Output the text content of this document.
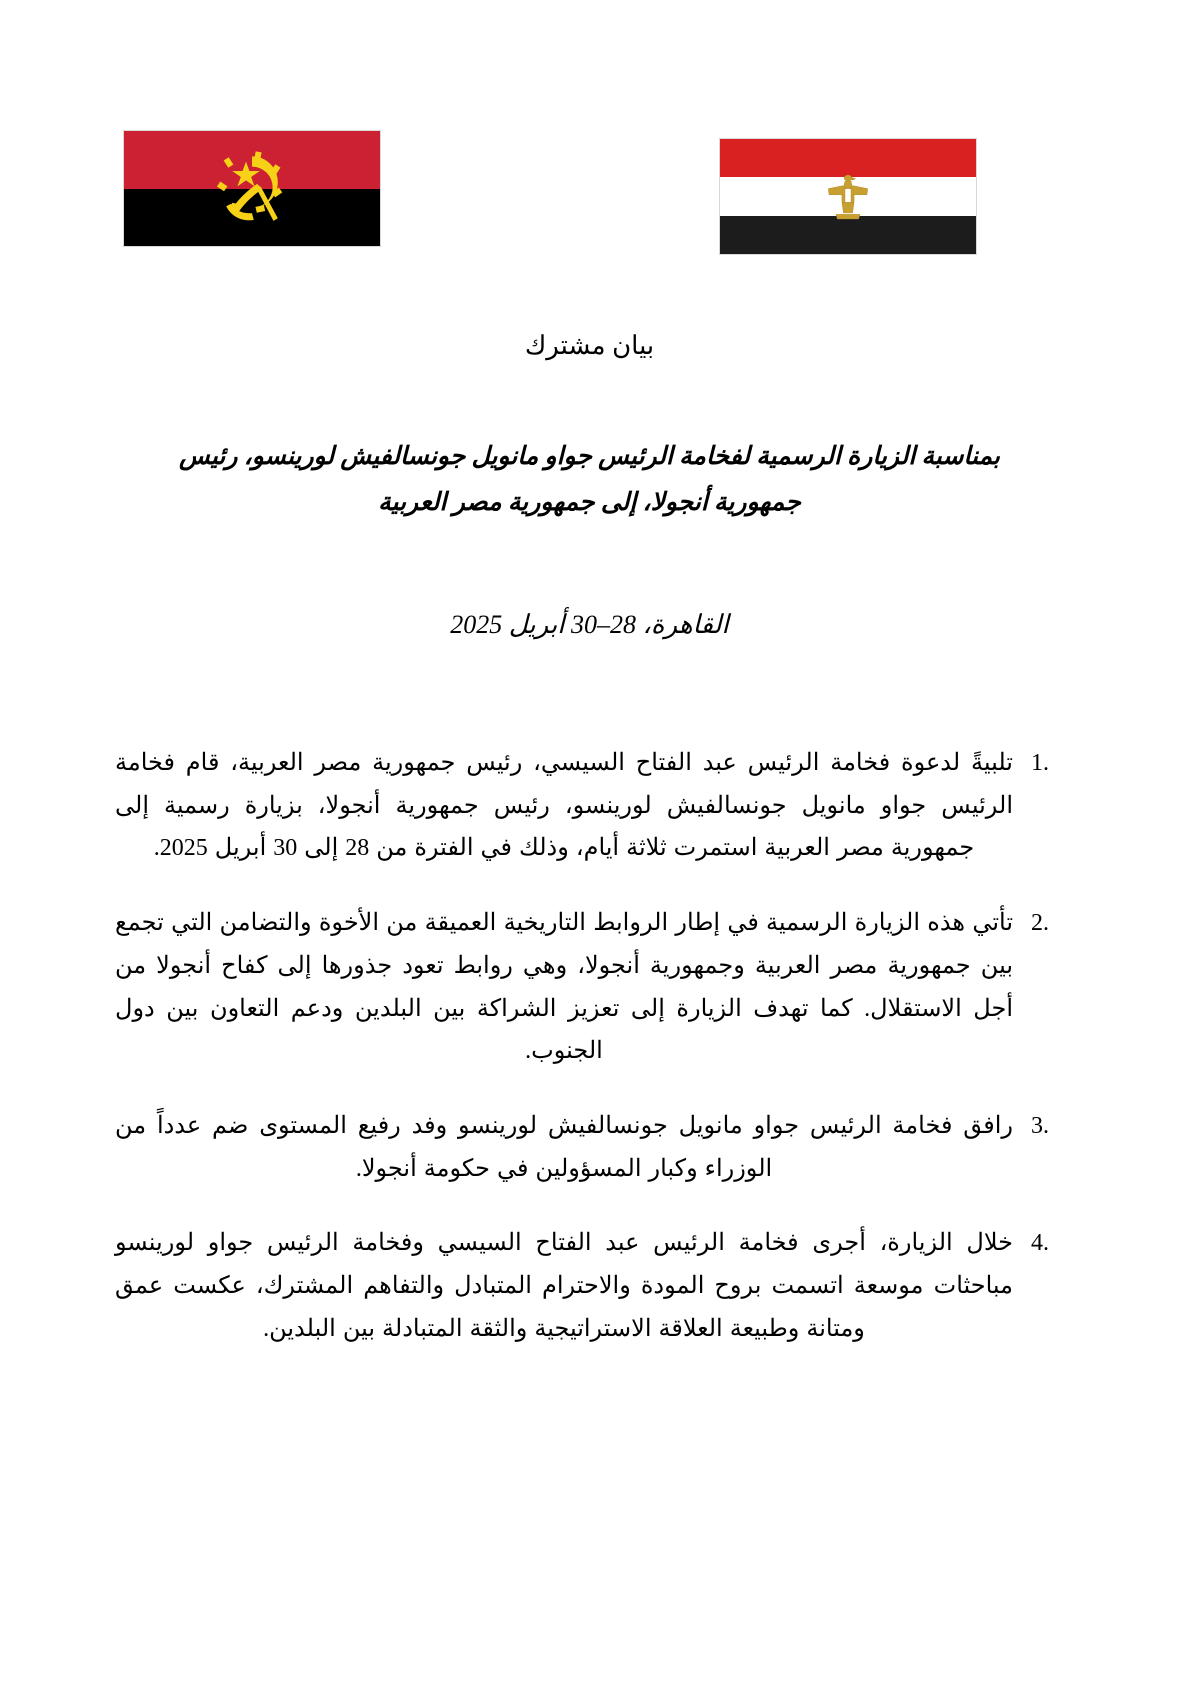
بيان مشترك
بمناسبة الزيارة الرسمية لفخامة الرئيس جواو مانويل جونسالفيش لورينسو، رئيس
جمهورية أنجولا، إلى جمهورية مصر العربية
القاهرة، 28–30 أبريل 2025
1.
تلبيةً لدعوة فخامة الرئيس عبد الفتاح السيسي، رئيس جمهورية مصر العربية، قام فخامة الرئيس جواو مانويل جونسالفيش لورينسو، رئيس جمهورية أنجولا، بزيارة رسمية إلى جمهورية مصر العربية استمرت ثلاثة أيام، وذلك في الفترة من 28 إلى 30 أبريل 2025.
2.
تأتي هذه الزيارة الرسمية في إطار الروابط التاريخية العميقة من الأخوة والتضامن التي تجمع بين جمهورية مصر العربية وجمهورية أنجولا، وهي روابط تعود جذورها إلى كفاح أنجولا من أجل الاستقلال. كما تهدف الزيارة إلى تعزيز الشراكة بين البلدين ودعم التعاون بين دول الجنوب.
3.
رافق فخامة الرئيس جواو مانويل جونسالفيش لورينسو وفد رفيع المستوى ضم عدداً من الوزراء وكبار المسؤولين في حكومة أنجولا.
4.
خلال الزيارة، أجرى فخامة الرئيس عبد الفتاح السيسي وفخامة الرئيس جواو لورينسو مباحثات موسعة اتسمت بروح المودة والاحترام المتبادل والتفاهم المشترك، عكست عمق ومتانة وطبيعة العلاقة الاستراتيجية والثقة المتبادلة بين البلدين.
